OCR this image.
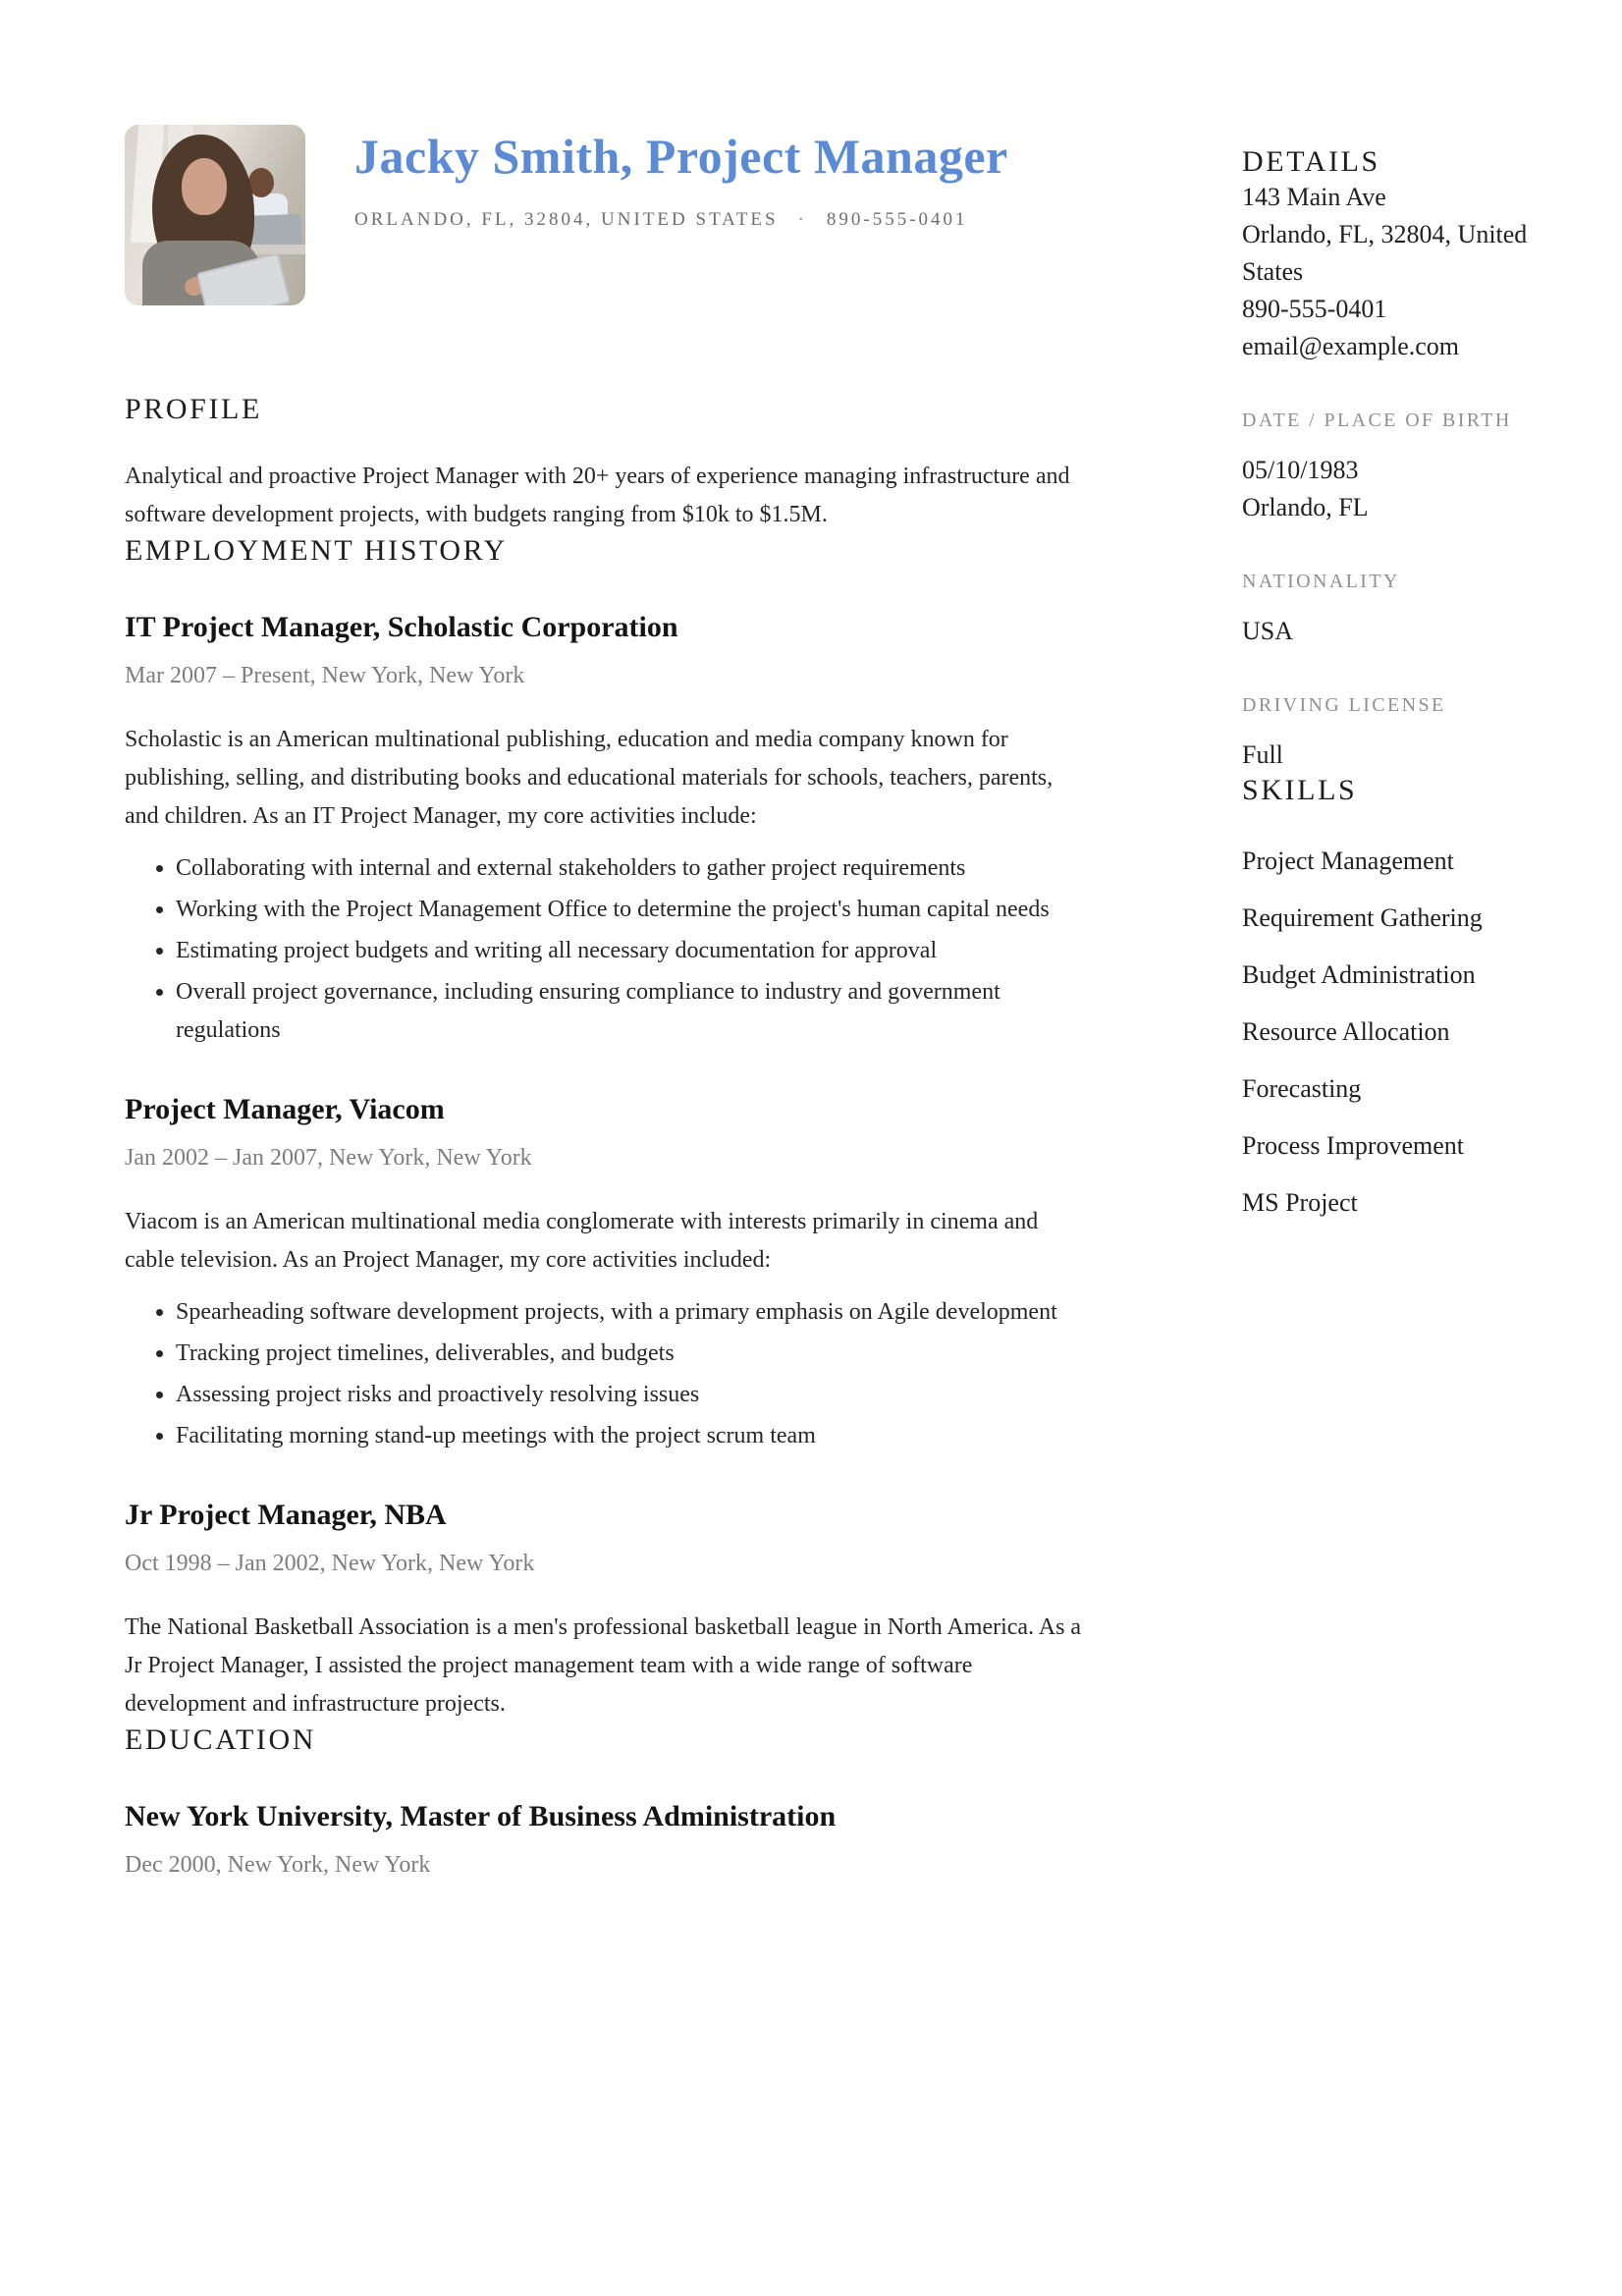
Jacky Smith, Project Manager
ORLANDO, FL, 32804, UNITED STATES · 890-555-0401
PROFILE

Analytical and proactive Project Manager with 20+ years of experience managing infrastructure and software development projects, with budgets ranging from $10k to $1.5M.

EMPLOYMENT HISTORY
IT Project Manager, Scholastic Corporation

Mar 2007 – Present, New York, New York

Scholastic is an American multinational publishing, education and media company known for publishing, selling, and distributing books and educational materials for schools, teachers, parents, and children. As an IT Project Manager, my core activities include:

• Collaborating with internal and external stakeholders to gather project requirements
• Working with the Project Management Office to determine the project's human capital needs
• Estimating project budgets and writing all necessary documentation for approval
• Overall project governance, including ensuring compliance to industry and government regulations
Project Manager, Viacom

Jan 2002 – Jan 2007, New York, New York

Viacom is an American multinational media conglomerate with interests primarily in cinema and cable television. As an Project Manager, my core activities included:

• Spearheading software development projects, with a primary emphasis on Agile development
• Tracking project timelines, deliverables, and budgets
• Assessing project risks and proactively resolving issues
• Facilitating morning stand-up meetings with the project scrum team
Jr Project Manager, NBA

Oct 1998 – Jan 2002, New York, New York

The National Basketball Association is a men's professional basketball league in North America. As a Jr Project Manager, I assisted the project management team with a wide range of software development and infrastructure projects.

EDUCATION
New York University, Master of Business Administration

Dec 2000, New York, New York

DETAILS

143 Main Ave

Orlando, FL, 32804, United States

890-555-0401

email@example.com

DATE / PLACE OF BIRTH

05/10/1983

Orlando, FL

NATIONALITY

USA

DRIVING LICENSE

Full

SKILLS
Project Management
Requirement Gathering
Budget Administration
Resource Allocation
Forecasting
Process Improvement
MS Project
